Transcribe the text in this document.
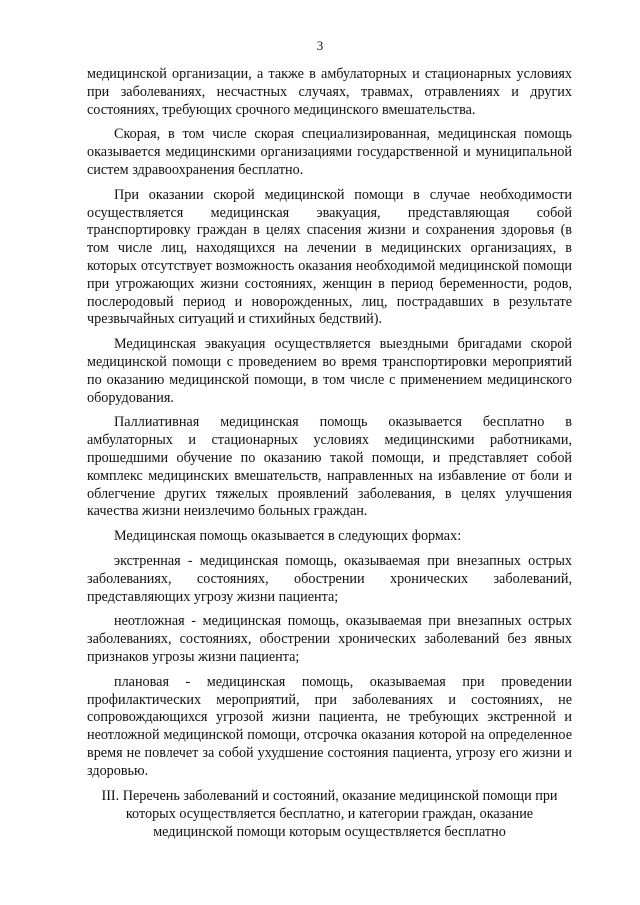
3

медицинской организации, а также в амбулаторных и стационарных условиях при заболеваниях, несчастных случаях, травмах, отравлениях и других состояниях, требующих срочного медицинского вмешательства.

Скорая, в том числе скорая специализированная, медицинская помощь оказывается медицинскими организациями государственной и муниципальной систем здравоохранения бесплатно.

При оказании скорой медицинской помощи в случае необходимости осуществляется медицинская эвакуация, представляющая собой транспортировку граждан в целях спасения жизни и сохранения здоровья (в том числе лиц, находящихся на лечении в медицинских организациях, в которых отсутствует возможность оказания необходимой медицинской помощи при угрожающих жизни состояниях, женщин в период беременности, родов, послеродовый период и новорожденных, лиц, пострадавших в результате чрезвычайных ситуаций и стихийных бедствий).

Медицинская эвакуация осуществляется выездными бригадами скорой медицинской помощи с проведением во время транспортировки мероприятий по оказанию медицинской помощи, в том числе с применением медицинского оборудования.

Паллиативная медицинская помощь оказывается бесплатно в амбулаторных и стационарных условиях медицинскими работниками, прошедшими обучение по оказанию такой помощи, и представляет собой комплекс медицинских вмешательств, направленных на избавление от боли и облегчение других тяжелых проявлений заболевания, в целях улучшения качества жизни неизлечимо больных граждан.

Медицинская помощь оказывается в следующих формах:

экстренная - медицинская помощь, оказываемая при внезапных острых заболеваниях, состояниях, обострении хронических заболеваний, представляющих угрозу жизни пациента;

неотложная - медицинская помощь, оказываемая при внезапных острых заболеваниях, состояниях, обострении хронических заболеваний без явных признаков угрозы жизни пациента;

плановая - медицинская помощь, оказываемая при проведении профилактических мероприятий, при заболеваниях и состояниях, не сопровождающихся угрозой жизни пациента, не требующих экстренной и неотложной медицинской помощи, отсрочка оказания которой на определенное время не повлечет за собой ухудшение состояния пациента, угрозу его жизни и здоровью.

III. Перечень заболеваний и состояний, оказание медицинской помощи при которых осуществляется бесплатно, и категории граждан, оказание медицинской помощи которым осуществляется бесплатно
